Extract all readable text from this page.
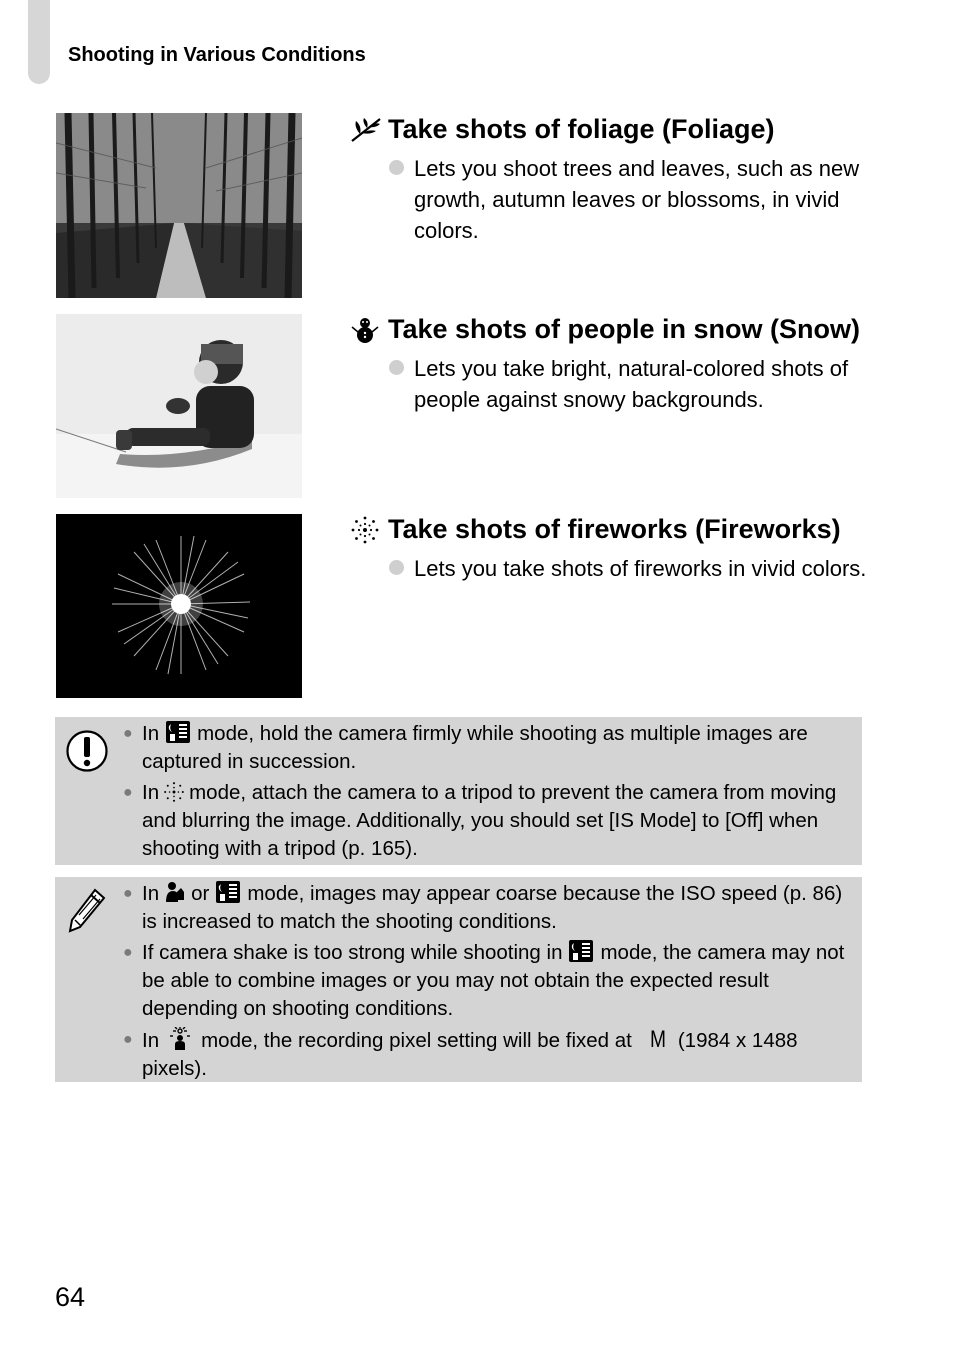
Shooting in Various Conditions
Take shots of foliage (Foliage)
Lets you shoot trees and leaves, such as new growth, autumn leaves or blossoms, in vivid colors.
Take shots of people in snow (Snow)
Lets you take bright, natural-colored shots of people against snowy backgrounds.
Take shots of fireworks (Fireworks)
Lets you take shots of fireworks in vivid colors.
● In mode, hold the camera firmly while shooting as multiple images are captured in succession.
● In mode, attach the camera to a tripod to prevent the camera from moving and blurring the image. Additionally, you should set [IS Mode] to [Off] when shooting with a tripod (p. 165).
● In or mode, images may appear coarse because the ISO speed (p. 86) is increased to match the shooting conditions.
● If camera shake is too strong while shooting in mode, the camera may not be able to combine images or you may not obtain the expected result depending on shooting conditions.
● In mode, the recording pixel setting will be fixed at M (1984 x 1488 pixels).
64
